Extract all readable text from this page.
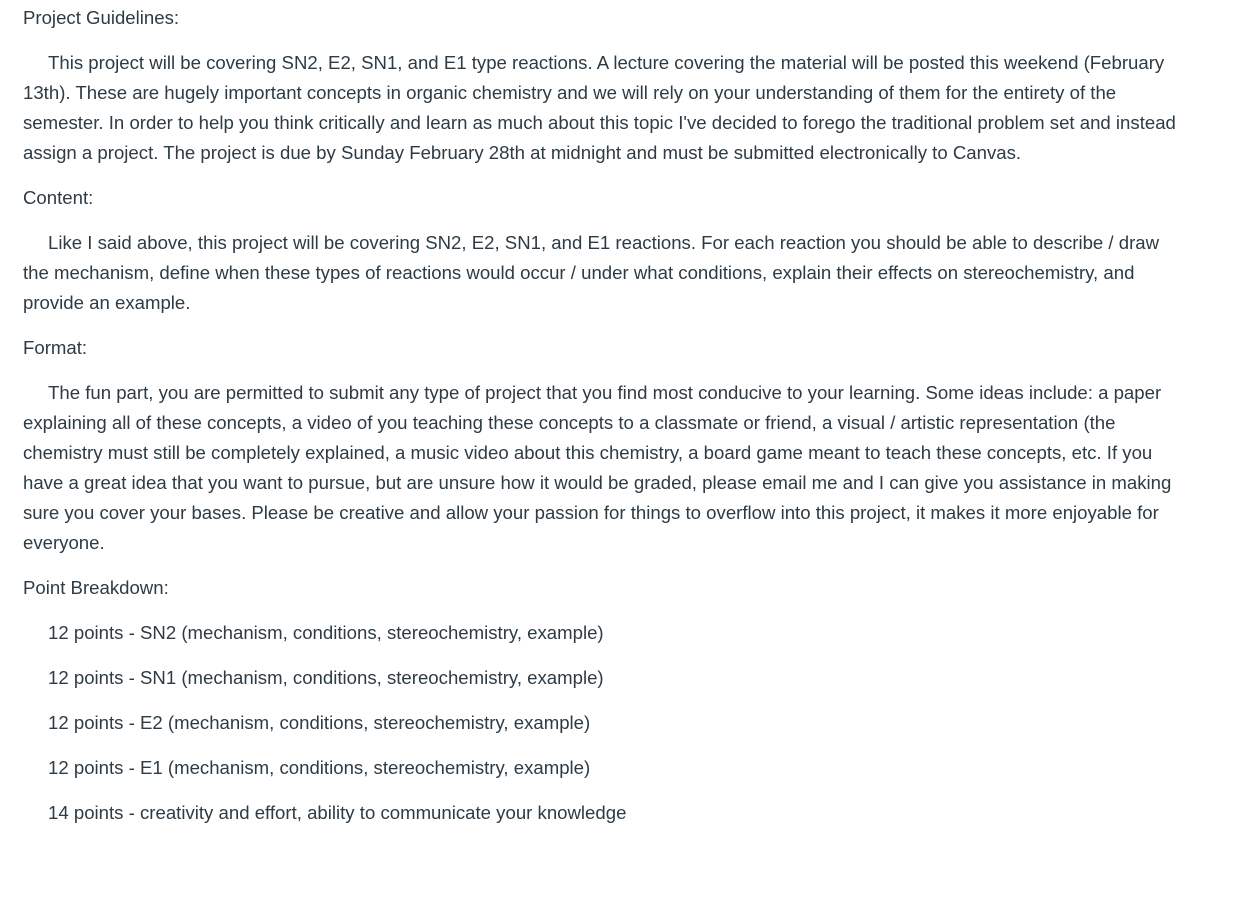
Project Guidelines:

This project will be covering SN2, E2, SN1, and E1 type reactions. A lecture covering the material will be posted this weekend (February 13th). These are hugely important concepts in organic chemistry and we will rely on your understanding of them for the entirety of the semester. In order to help you think critically and learn as much about this topic I've decided to forego the traditional problem set and instead assign a project. The project is due by Sunday February 28th at midnight and must be submitted electronically to Canvas.

Content:

Like I said above, this project will be covering SN2, E2, SN1, and E1 reactions. For each reaction you should be able to describe / draw the mechanism, define when these types of reactions would occur / under what conditions, explain their effects on stereochemistry, and provide an example.

Format:

The fun part, you are permitted to submit any type of project that you find most conducive to your learning. Some ideas include: a paper explaining all of these concepts, a video of you teaching these concepts to a classmate or friend, a visual / artistic representation (the chemistry must still be completely explained, a music video about this chemistry, a board game meant to teach these concepts, etc. If you have a great idea that you want to pursue, but are unsure how it would be graded, please email me and I can give you assistance in making sure you cover your bases. Please be creative and allow your passion for things to overflow into this project, it makes it more enjoyable for everyone.

Point Breakdown:
12 points - SN2 (mechanism, conditions, stereochemistry, example)
12 points - SN1 (mechanism, conditions, stereochemistry, example)
12 points - E2 (mechanism, conditions, stereochemistry, example)
12 points - E1 (mechanism, conditions, stereochemistry, example)
14 points - creativity and effort, ability to communicate your knowledge
